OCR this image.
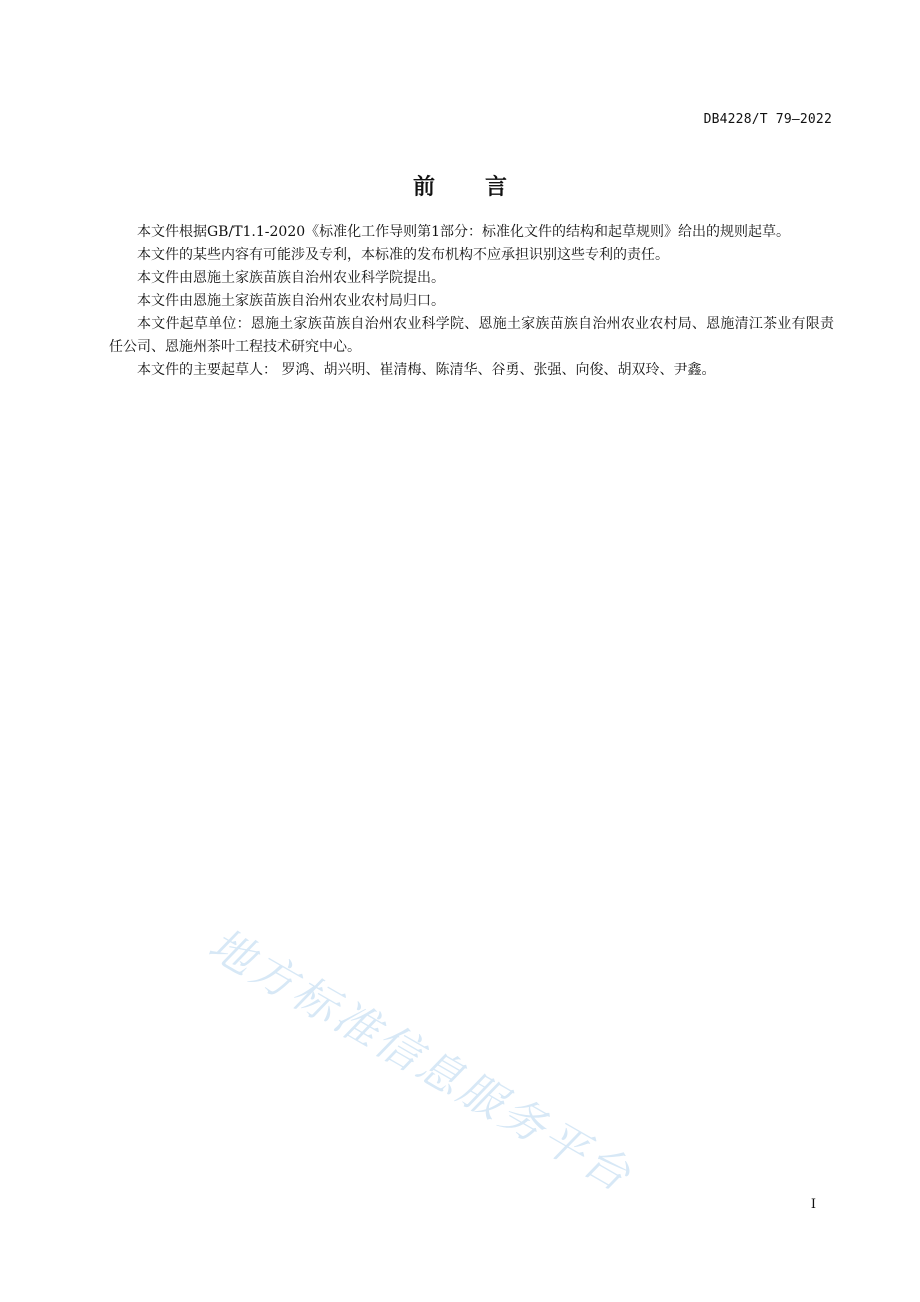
DB4228/T 79—2022
前言

本文件根据GB/T1.1-2020《标准化工作导则第1部分：标准化文件的结构和起草规则》给出的规则起草。

本文件的某些内容有可能涉及专利，本标准的发布机构不应承担识别这些专利的责任。

本文件由恩施土家族苗族自治州农业科学院提出。

本文件由恩施土家族苗族自治州农业农村局归口。

本文件起草单位：恩施土家族苗族自治州农业科学院、恩施土家族苗族自治州农业农村局、恩施清江茶业有限责任公司、恩施州茶叶工程技术研究中心。

本文件的主要起草人： 罗鸿、胡兴明、崔清梅、陈清华、谷勇、张强、向俊、胡双玲、尹鑫。

地方标准信息服务平台
I
